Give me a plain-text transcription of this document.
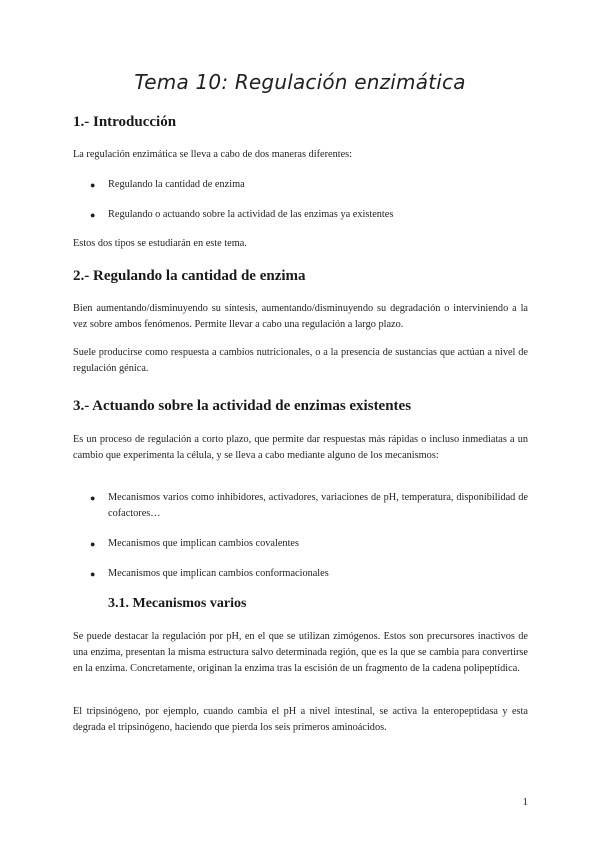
Tema 10: Regulación enzimática
1.- Introducción

La regulación enzimática se lleva a cabo de dos maneras diferentes:

● Regulando la cantidad de enzima
● Regulando o actuando sobre la actividad de las enzimas ya existentes

Estos dos tipos se estudiarán en este tema.

2.- Regulando la cantidad de enzima

Bien aumentando/disminuyendo su síntesis, aumentando/disminuyendo su degradación o interviniendo a la vez sobre ambos fenómenos. Permite llevar a cabo una regulación a largo plazo.

Suele producirse como respuesta a cambios nutricionales, o a la presencia de sustancias que actúan a nivel de regulación génica.

3.- Actuando sobre la actividad de enzimas existentes

Es un proceso de regulación a corto plazo, que permite dar respuestas más rápidas o incluso inmediatas a un cambio que experimenta la célula, y se lleva a cabo mediante alguno de los mecanismos:

● Mecanismos varios como inhibidores, activadores, variaciones de pH, temperatura, disponibilidad de cofactores…
● Mecanismos que implican cambios covalentes
● Mecanismos que implican cambios conformacionales
3.1. Mecanismos varios

Se puede destacar la regulación por pH, en el que se utilizan zimógenos. Estos son precursores inactivos de una enzima, presentan la misma estructura salvo determinada región, que es la que se cambia para convertirse en la enzima. Concretamente, originan la enzima tras la escisión de un fragmento de la cadena polipeptídica.

El tripsinógeno, por ejemplo, cuando cambia el pH a nivel intestinal, se activa la enteropeptidasa y esta degrada el tripsinógeno, haciendo que pierda los seis primeros aminoácidos.

1
